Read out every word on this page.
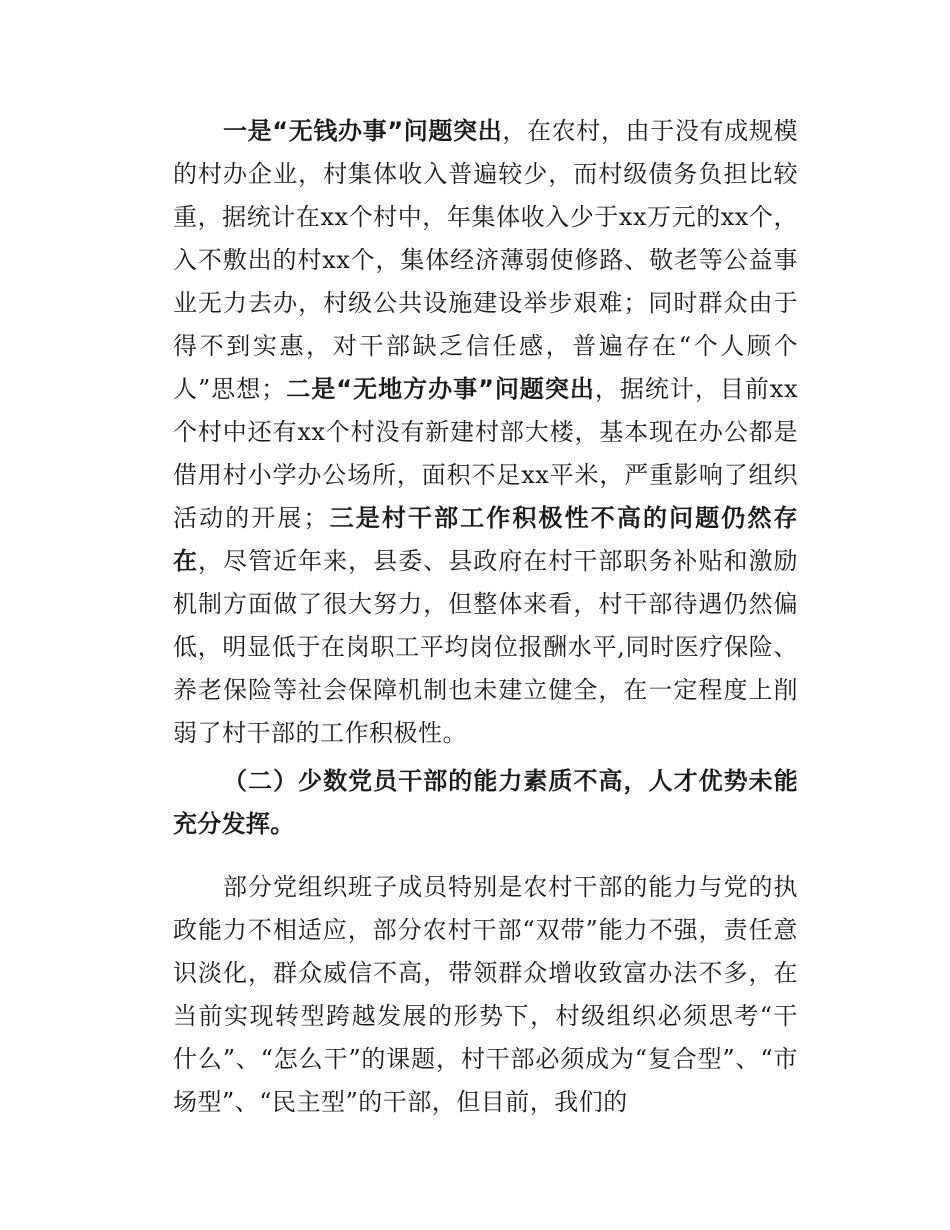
一是“无钱办事”问题突出，在农村，由于没有成规模的村办企业，村集体收入普遍较少，而村级债务负担比较重，据统计在xx个村中，年集体收入少于xx万元的xx个，入不敷出的村xx个，集体经济薄弱使修路、敬老等公益事业无力去办，村级公共设施建设举步艰难；同时群众由于得不到实惠，对干部缺乏信任感，普遍存在“个人顾个人”思想；二是“无地方办事”问题突出，据统计，目前xx个村中还有xx个村没有新建村部大楼，基本现在办公都是借用村小学办公场所，面积不足xx平米，严重影响了组织活动的开展；三是村干部工作积极性不高的问题仍然存在，尽管近年来，县委、县政府在村干部职务补贴和激励机制方面做了很大努力，但整体来看，村干部待遇仍然偏低，明显低于在岗职工平均岗位报酬水平,同时医疗保险、养老保险等社会保障机制也未建立健全，在一定程度上削弱了村干部的工作积极性。

（二）少数党员干部的能力素质不高，人才优势未能充分发挥。

部分党组织班子成员特别是农村干部的能力与党的执政能力不相适应，部分农村干部“双带”能力不强，责任意识淡化，群众威信不高，带领群众增收致富办法不多，在当前实现转型跨越发展的形势下，村级组织必须思考“干什么”、“怎么干”的课题，村干部必须成为“复合型”、“市场型”、“民主型”的干部，但目前，我们的
